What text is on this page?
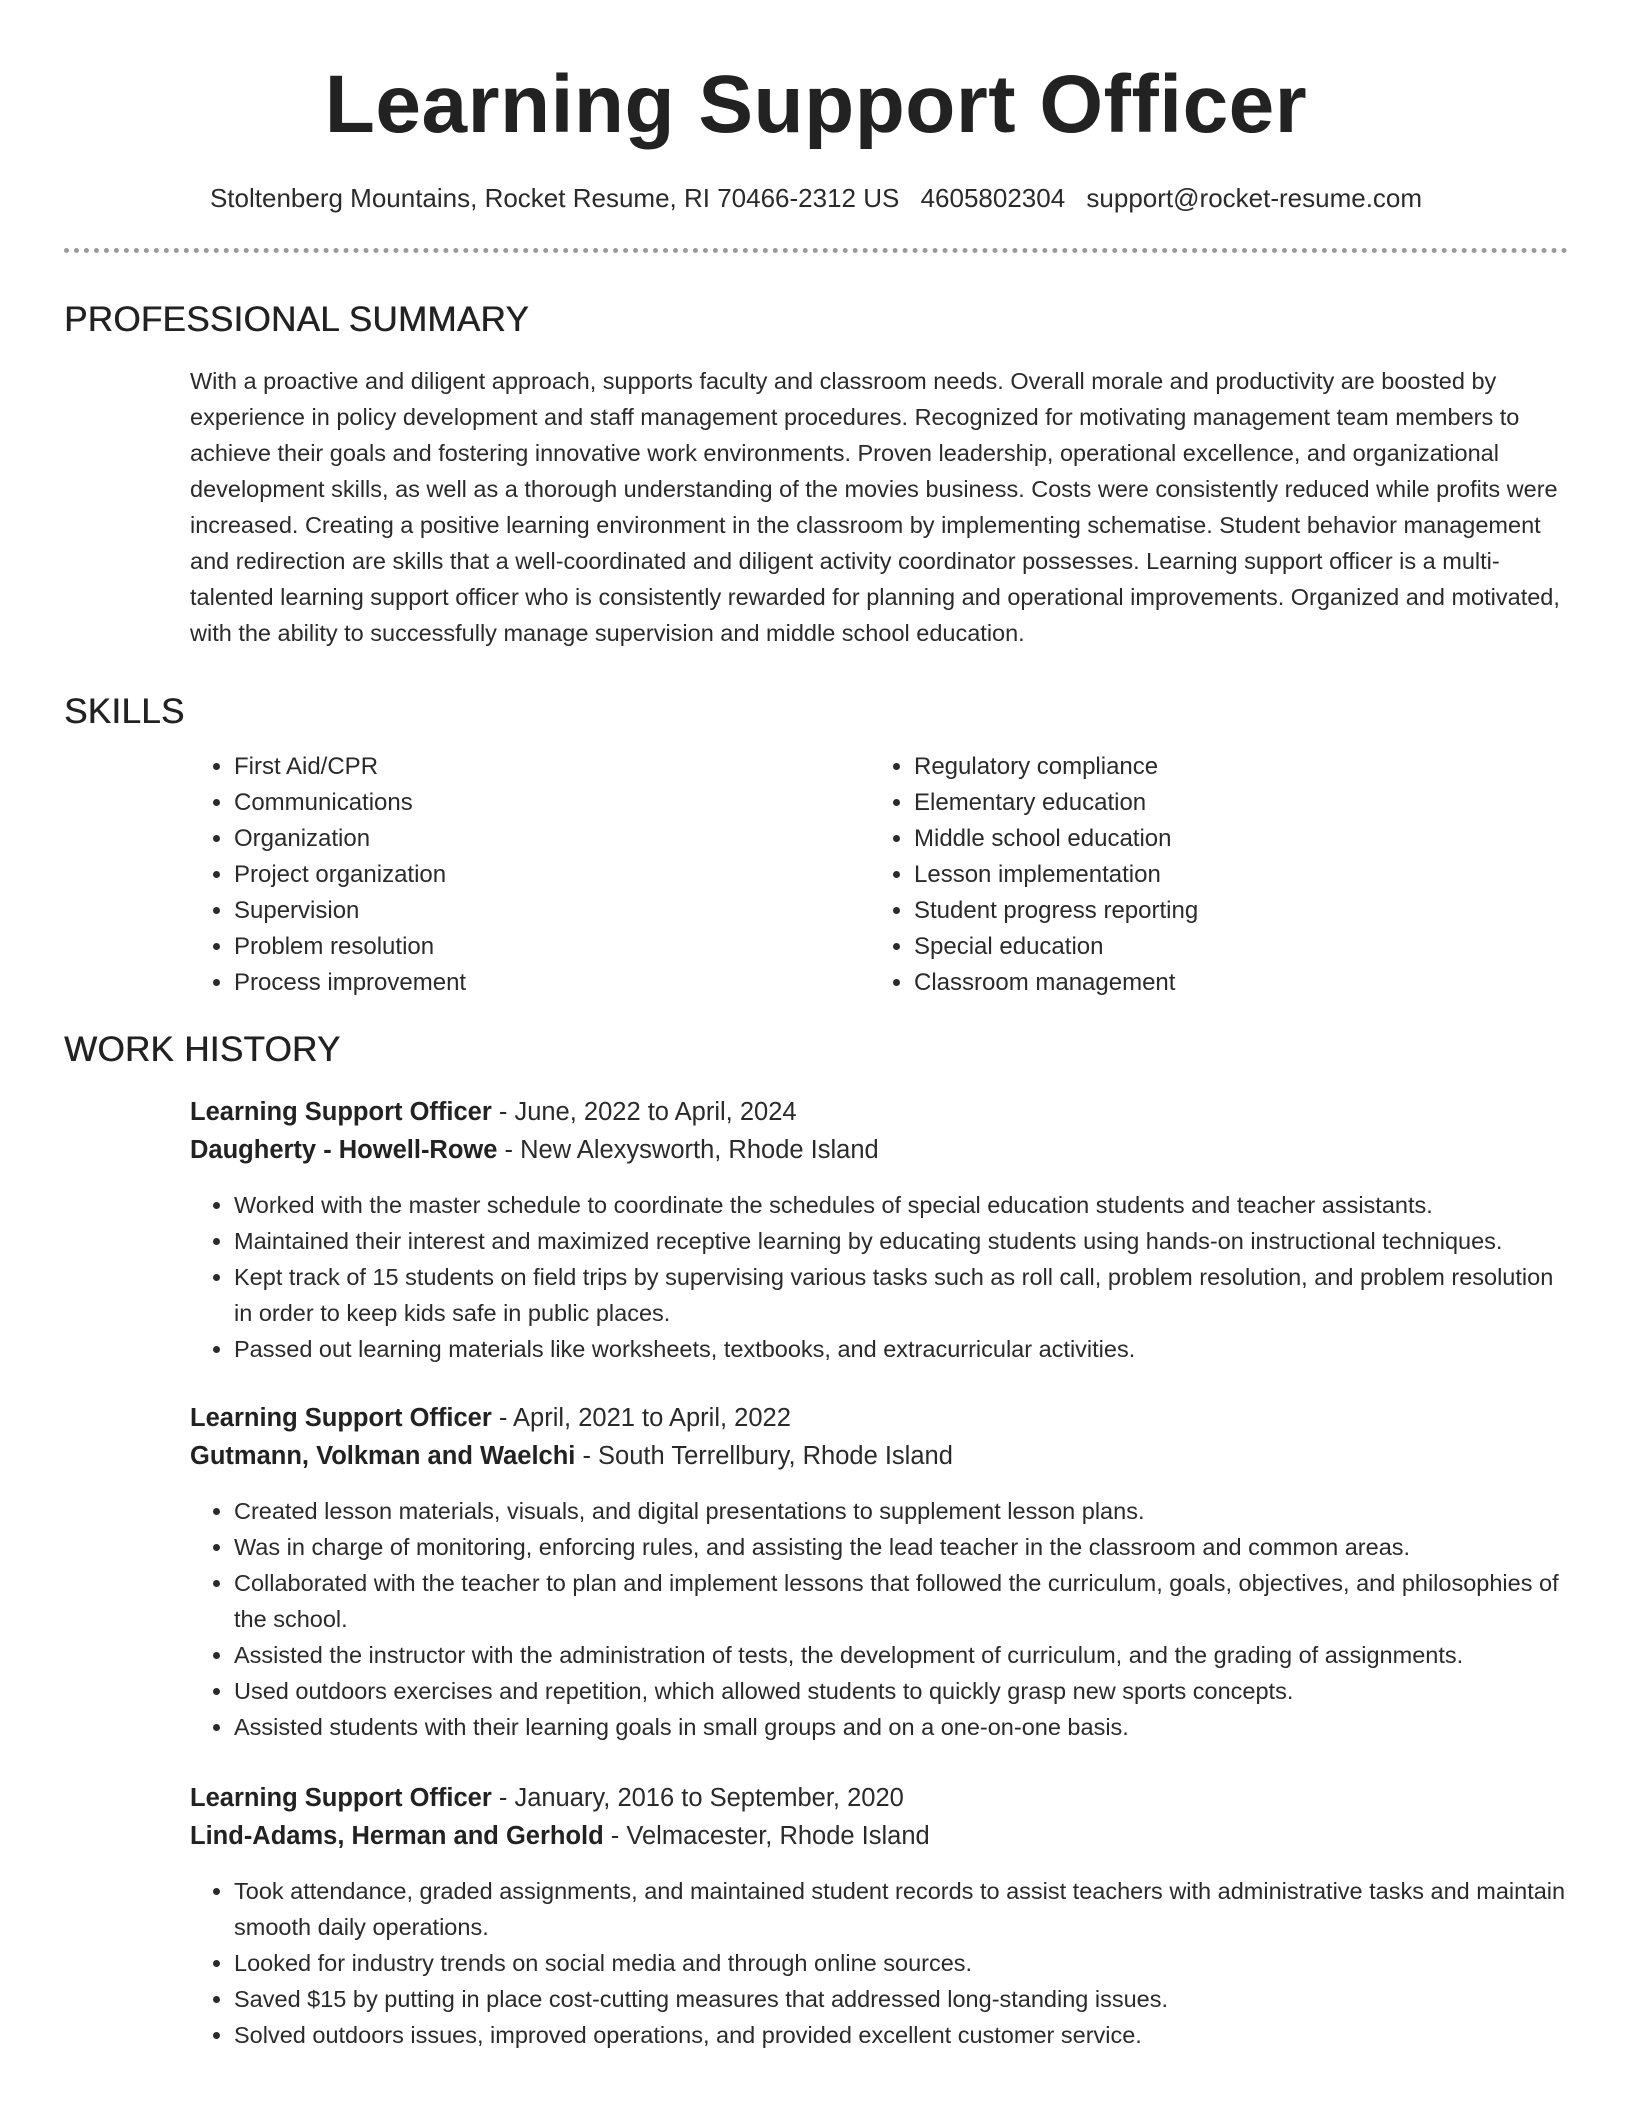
Learning Support Officer
Stoltenberg Mountains, Rocket Resume, RI 70466-2312 US 4605802304 support@rocket-resume.com
PROFESSIONAL SUMMARY

With a proactive and diligent approach, supports faculty and classroom needs. Overall morale and productivity are boosted by experience in policy development and staff management procedures. Recognized for motivating management team members to achieve their goals and fostering innovative work environments. Proven leadership, operational excellence, and organizational development skills, as well as a thorough understanding of the movies business. Costs were consistently reduced while profits were increased. Creating a positive learning environment in the classroom by implementing schematise. Student behavior management and redirection are skills that a well-coordinated and diligent activity coordinator possesses. Learning support officer is a multi-talented learning support officer who is consistently rewarded for planning and operational improvements. Organized and motivated, with the ability to successfully manage supervision and middle school education.

SKILLS
• First Aid/CPR
• Communications
• Organization
• Project organization
• Supervision
• Problem resolution
• Process improvement
• Regulatory compliance
• Elementary education
• Middle school education
• Lesson implementation
• Student progress reporting
• Special education
• Classroom management
WORK HISTORY
Learning Support Officer - June, 2022 to April, 2024
Daugherty - Howell-Rowe - New Alexysworth, Rhode Island
• Worked with the master schedule to coordinate the schedules of special education students and teacher assistants.
• Maintained their interest and maximized receptive learning by educating students using hands-on instructional techniques.
• Kept track of 15 students on field trips by supervising various tasks such as roll call, problem resolution, and problem resolution in order to keep kids safe in public places.
• Passed out learning materials like worksheets, textbooks, and extracurricular activities.
Learning Support Officer - April, 2021 to April, 2022
Gutmann, Volkman and Waelchi - South Terrellbury, Rhode Island
• Created lesson materials, visuals, and digital presentations to supplement lesson plans.
• Was in charge of monitoring, enforcing rules, and assisting the lead teacher in the classroom and common areas.
• Collaborated with the teacher to plan and implement lessons that followed the curriculum, goals, objectives, and philosophies of the school.
• Assisted the instructor with the administration of tests, the development of curriculum, and the grading of assignments.
• Used outdoors exercises and repetition, which allowed students to quickly grasp new sports concepts.
• Assisted students with their learning goals in small groups and on a one-on-one basis.
Learning Support Officer - January, 2016 to September, 2020
Lind-Adams, Herman and Gerhold - Velmacester, Rhode Island
• Took attendance, graded assignments, and maintained student records to assist teachers with administrative tasks and maintain smooth daily operations.
• Looked for industry trends on social media and through online sources.
• Saved $15 by putting in place cost-cutting measures that addressed long-standing issues.
• Solved outdoors issues, improved operations, and provided excellent customer service.
